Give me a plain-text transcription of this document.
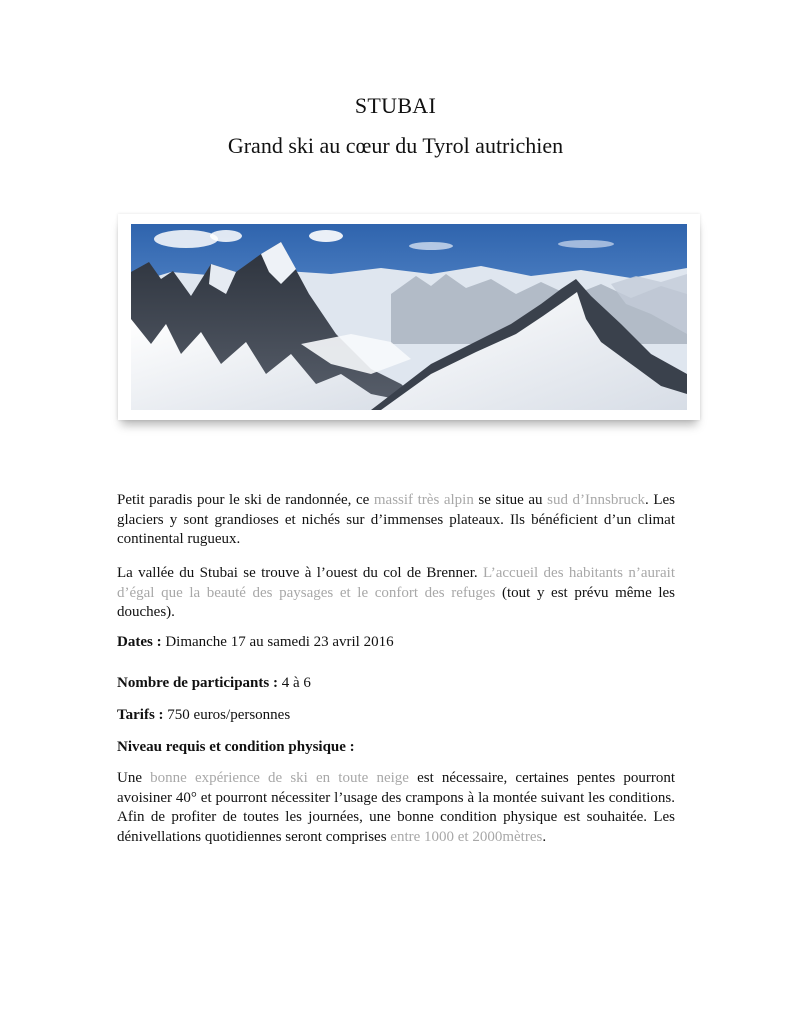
STUBAI
Grand ski au cœur du Tyrol autrichien
Petit paradis pour le ski de randonnée, ce massif très alpin se situe au sud d’Innsbruck. Les glaciers y sont grandioses et nichés sur d’immenses plateaux. Ils bénéficient d’un climat continental rugueux.
La vallée du Stubai se trouve à l’ouest du col de Brenner. L’accueil des habitants n’aurait d’égal que la beauté des paysages et le confort des refuges (tout y est prévu même les douches).
Dates : Dimanche 17 au samedi 23 avril 2016
Nombre de participants : 4 à 6
Tarifs : 750 euros/personnes
Niveau requis et condition physique :
Une bonne expérience de ski en toute neige est nécessaire, certaines pentes pourront avoisiner 40° et pourront nécessiter l’usage des crampons à la montée suivant les conditions. Afin de profiter de toutes les journées, une bonne condition physique est souhaitée. Les dénivellations quotidiennes seront comprises entre 1000 et 2000mètres.
